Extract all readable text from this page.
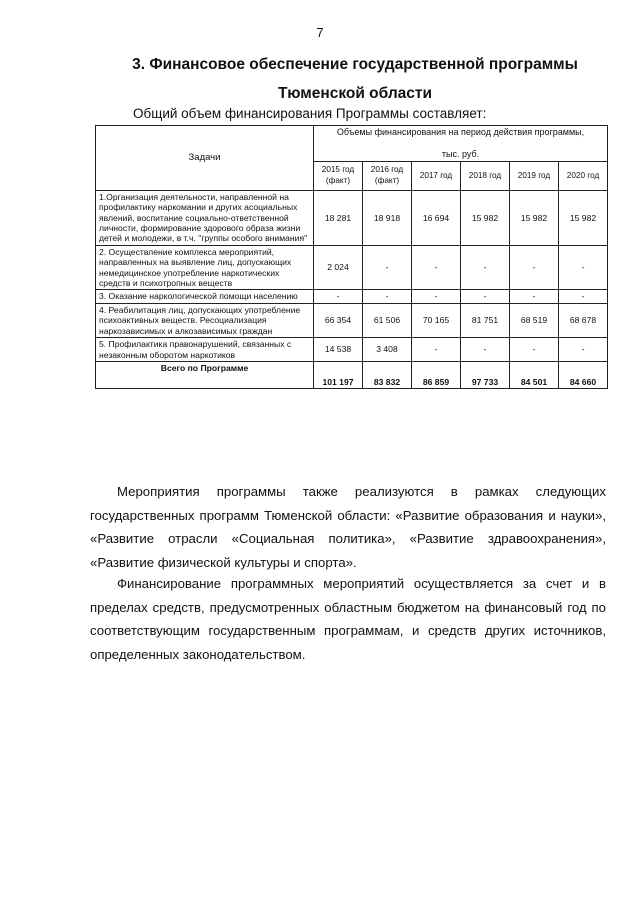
7
3. Финансовое обеспечение государственной программы
Тюменской области
Общий объем финансирования Программы составляет:
Задачи	Объемы финансирования на период действия программы,
тыс. руб.					

	2015 год (факт)	2016 год (факт)	2017 год	2018 год	2019 год	2020 год
1.Организация деятельности, направленной на профилактику наркомании и других асоциальных явлений, воспитание социально-ответственной личности, формирование здорового образа жизни детей и молодежи, в т.ч. "группы особого внимания"	18 281	18 918	16 694	15 982	15 982	15 982
2. Осуществление комплекса мероприятий, направленных на выявление лиц, допускающих немедицинское употребление наркотических средств и психотропных веществ	2 024	-	-	-	-	-
3. Оказание наркологической помощи населению	-	-	-	-	-	-
4. Реабилитация лиц, допускающих употребление психоактивных веществ. Ресоциализация наркозависимых и алкозависимых граждан	66 354	61 506	70 165	81 751	68 519	68 678
5. Профилактика правонарушений, связанных с незаконным оборотом наркотиков	14 538	3 408	-	-	-	-
Всего по Программе	101 197	83 832	86 859	97 733	84 501	84 660

Мероприятия программы также реализуются в рамках следующих государственных программ Тюменской области: «Развитие образования и науки», «Развитие отрасли «Социальная политика», «Развитие здравоохранения», «Развитие физической культуры и спорта».

Финансирование программных мероприятий осуществляется за счет и в пределах средств, предусмотренных областным бюджетом на финансовый год по соответствующим государственным программам, и средств других источников, определенных законодательством.
